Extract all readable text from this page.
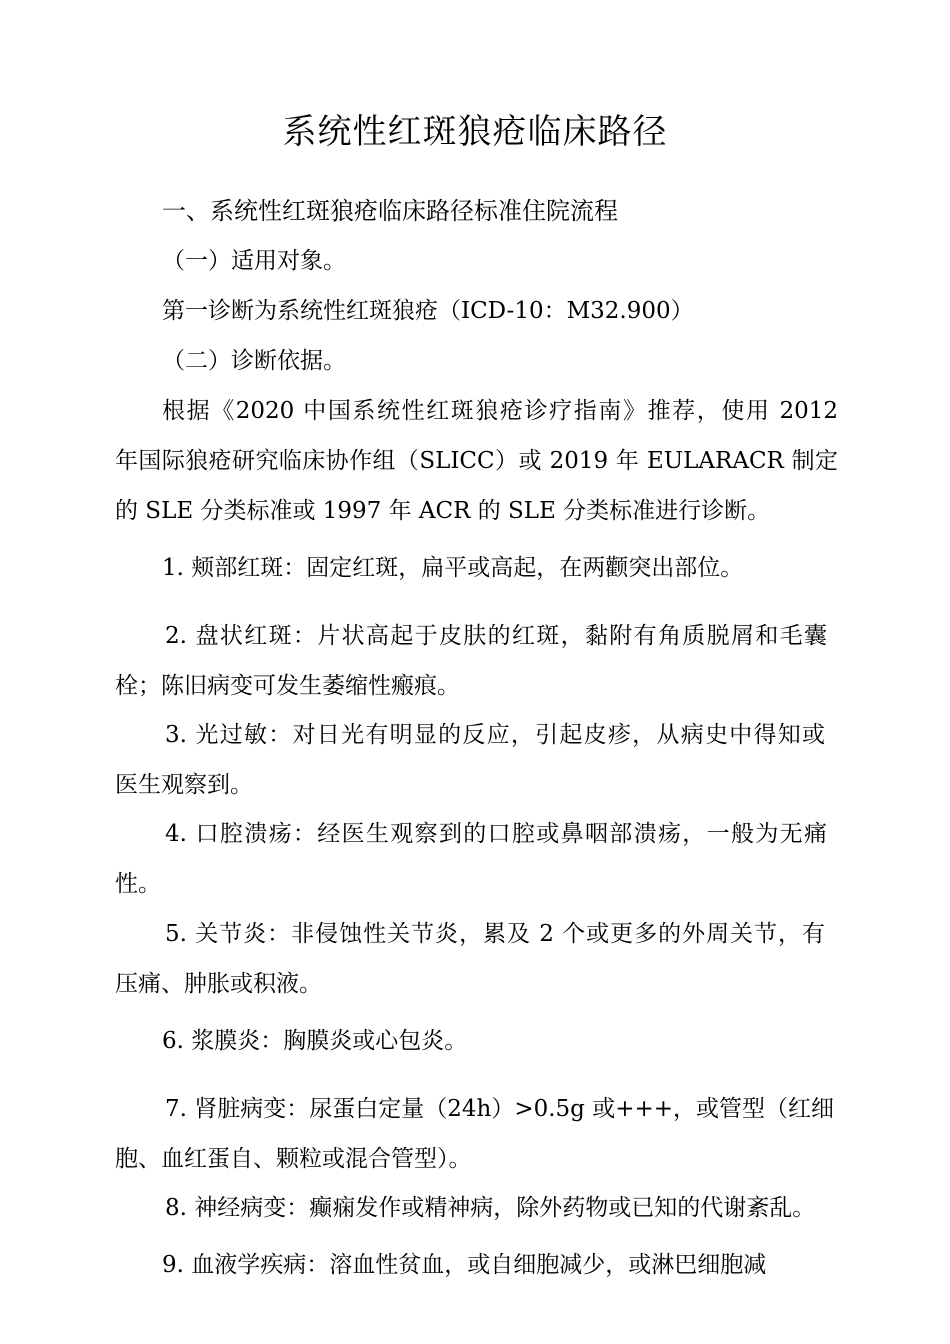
系统性红斑狼疮临床路径

一、系统性红斑狼疮临床路径标准住院流程

（一）适用对象。

第一诊断为系统性红斑狼疮（ICD-10：M32.900）

（二）诊断依据。

根据《2020 中国系统性红斑狼疮诊疗指南》推荐，使用 2012

年国际狼疮研究临床协作组（SLICC）或 2019 年 EULARACR 制定

的 SLE 分类标准或 1997 年 ACR 的 SLE 分类标准进行诊断。

1. 颊部红斑：固定红斑，扁平或高起，在两颧突出部位。

2. 盘状红斑：片状高起于皮肤的红斑，黏附有角质脱屑和毛囊

栓；陈旧病变可发生萎缩性瘢痕。

3. 光过敏：对日光有明显的反应，引起皮疹，从病史中得知或

医生观察到。

4. 口腔溃疡：经医生观察到的口腔或鼻咽部溃疡，一般为无痛

性。

5. 关节炎：非侵蚀性关节炎，累及 2 个或更多的外周关节，有

压痛、肿胀或积液。

6. 浆膜炎：胸膜炎或心包炎。

7. 肾脏病变：尿蛋白定量（24h）>0.5g 或+++，或管型（红细

胞、血红蛋自、颗粒或混合管型）。

8. 神经病变：癫痫发作或精神病，除外药物或已知的代谢紊乱。

9. 血液学疾病：溶血性贫血，或自细胞减少，或淋巴细胞减
